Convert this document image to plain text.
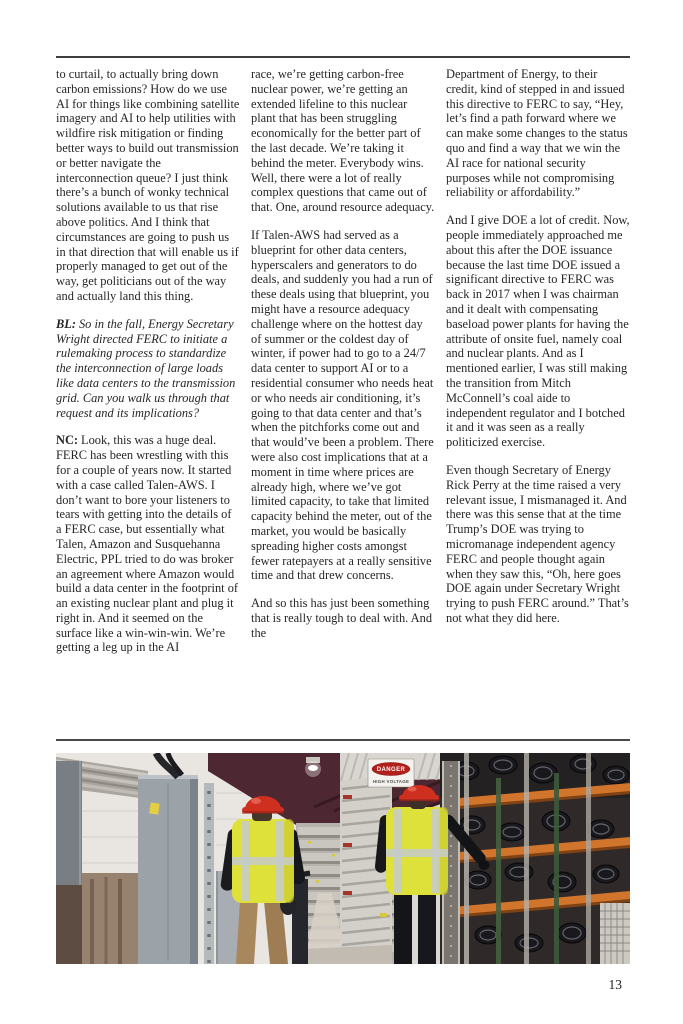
to curtail, to actually bring down carbon emissions? How do we use AI for things like combining satellite imagery and AI to help utilities with wildfire risk mitigation or finding better ways to build out transmission or better navigate the interconnection queue? I just think there’s a bunch of wonky technical solutions available to us that rise above politics. And I think that circumstances are going to push us in that direction that will enable us if properly managed to get out of the way, get politicians out of the way and actually land this thing.

BL: So in the fall, Energy Secretary Wright directed FERC to initiate a rulemaking process to standardize the interconnection of large loads like data centers to the transmission grid. Can you walk us through that request and its implications?

NC: Look, this was a huge deal. FERC has been wrestling with this for a couple of years now. It started with a case called Talen-AWS. I don’t want to bore your listeners to tears with getting into the details of a FERC case, but essentially what Talen, Amazon and Susquehanna Electric, PPL tried to do was broker an agreement where Amazon would build a data center in the footprint of an existing nuclear plant and plug it right in. And it seemed on the surface like a win-win-win. We’re getting a leg up in the AI

race, we’re getting carbon-free nuclear power, we’re getting an extended lifeline to this nuclear plant that has been struggling economically for the better part of the last decade. We’re taking it behind the meter. Everybody wins. Well, there were a lot of really complex questions that came out of that. One, around resource adequacy.

If Talen-AWS had served as a blueprint for other data centers, hyperscalers and generators to do deals, and suddenly you had a run of these deals using that blueprint, you might have a resource adequacy challenge where on the hottest day of summer or the coldest day of winter, if power had to go to a 24/7 data center to support AI or to a residential consumer who needs heat or who needs air conditioning, it’s going to that data center and that’s when the pitchforks come out and that would’ve been a problem. There were also cost implications that at a moment in time where prices are already high, where we’ve got limited capacity, to take that limited capacity behind the meter, out of the market, you would be basically spreading higher costs amongst fewer ratepayers at a really sensitive time and that drew concerns.

And so this has just been something that is really tough to deal with. And the

Department of Energy, to their credit, kind of stepped in and issued this directive to FERC to say, “Hey, let’s find a path forward where we can make some changes to the status quo and find a way that we win the AI race for national security purposes while not compromising reliability or affordability.”

And I give DOE a lot of credit. Now, people immediately approached me about this after the DOE issuance because the last time DOE issued a significant directive to FERC was back in 2017 when I was chairman and it dealt with compensating baseload power plants for having the attribute of onsite fuel, namely coal and nuclear plants. And as I mentioned earlier, I was still making the transition from Mitch McConnell’s coal aide to independent regulator and I botched it and it was seen as a really politicized exercise.

Even though Secretary of Energy Rick Perry at the time raised a very relevant issue, I mismanaged it. And there was this sense that at the time Trump’s DOE was trying to micromanage independent agency FERC and people thought again when they saw this, “Oh, here goes DOE again under Secretary Wright trying to push FERC around.” That’s not what they did here.

DANGER
HIGH VOLTAGE
13
